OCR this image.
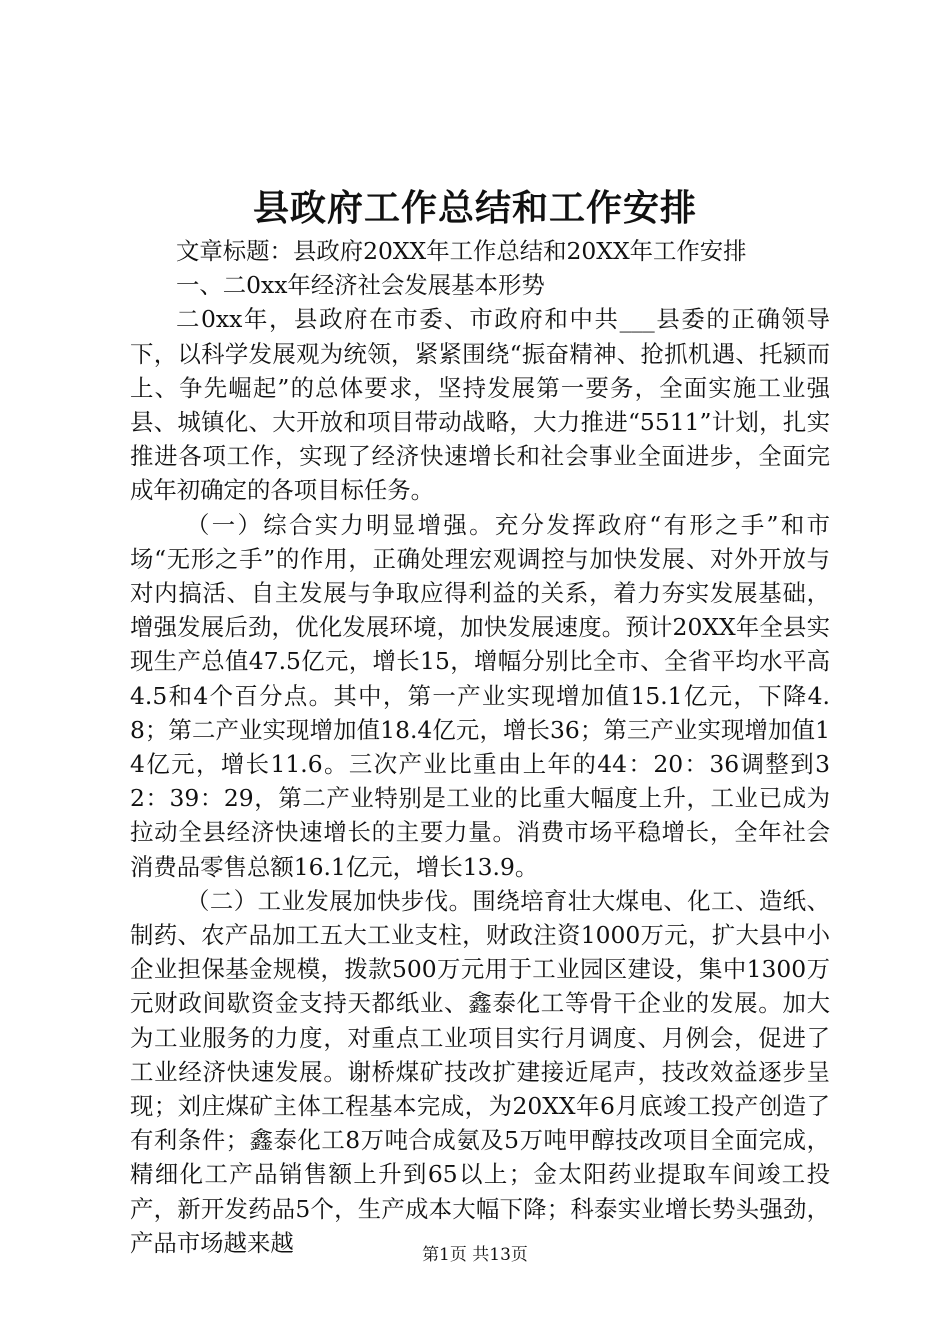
县政府工作总结和工作安排

文章标题：县政府20XX年工作总结和20XX年工作安排

一、二0xx年经济社会发展基本形势

二0xx年，县政府在市委、市政府和中共___县委的正确领导下，以科学发展观为统领，紧紧围绕“振奋精神、抢抓机遇、托颍而上、争先崛起”的总体要求，坚持发展第一要务，全面实施工业强县、城镇化、大开放和项目带动战略，大力推进“5511”计划，扎实推进各项工作，实现了经济快速增长和社会事业全面进步，全面完成年初确定的各项目标任务。

（一）综合实力明显增强。充分发挥政府“有形之手”和市场“无形之手”的作用，正确处理宏观调控与加快发展、对外开放与对内搞活、自主发展与争取应得利益的关系，着力夯实发展基础，增强发展后劲，优化发展环境，加快发展速度。预计20XX年全县实现生产总值47.5亿元，增长15，增幅分别比全市、全省平均水平高4.5和4个百分点。其中，第一产业实现增加值15.1亿元，下降4.8；第二产业实现增加值18.4亿元，增长36；第三产业实现增加值14亿元，增长11.6。三次产业比重由上年的44：20：36调整到32：39：29，第二产业特别是工业的比重大幅度上升，工业已成为拉动全县经济快速增长的主要力量。消费市场平稳增长，全年社会消费品零售总额16.1亿元，增长13.9。

（二）工业发展加快步伐。围绕培育壮大煤电、化工、造纸、制药、农产品加工五大工业支柱，财政注资1000万元，扩大县中小企业担保基金规模，拨款500万元用于工业园区建设，集中1300万元财政间歇资金支持天都纸业、鑫泰化工等骨干企业的发展。加大为工业服务的力度，对重点工业项目实行月调度、月例会，促进了工业经济快速发展。谢桥煤矿技改扩建接近尾声，技改效益逐步呈现；刘庄煤矿主体工程基本完成，为20XX年6月底竣工投产创造了有利条件；鑫泰化工8万吨合成氨及5万吨甲醇技改项目全面完成，精细化工产品销售额上升到65以上；金太阳药业提取车间竣工投产，新开发药品5个，生产成本大幅下降；科泰实业增长势头强劲，产品市场越来越	第1页 共13页
